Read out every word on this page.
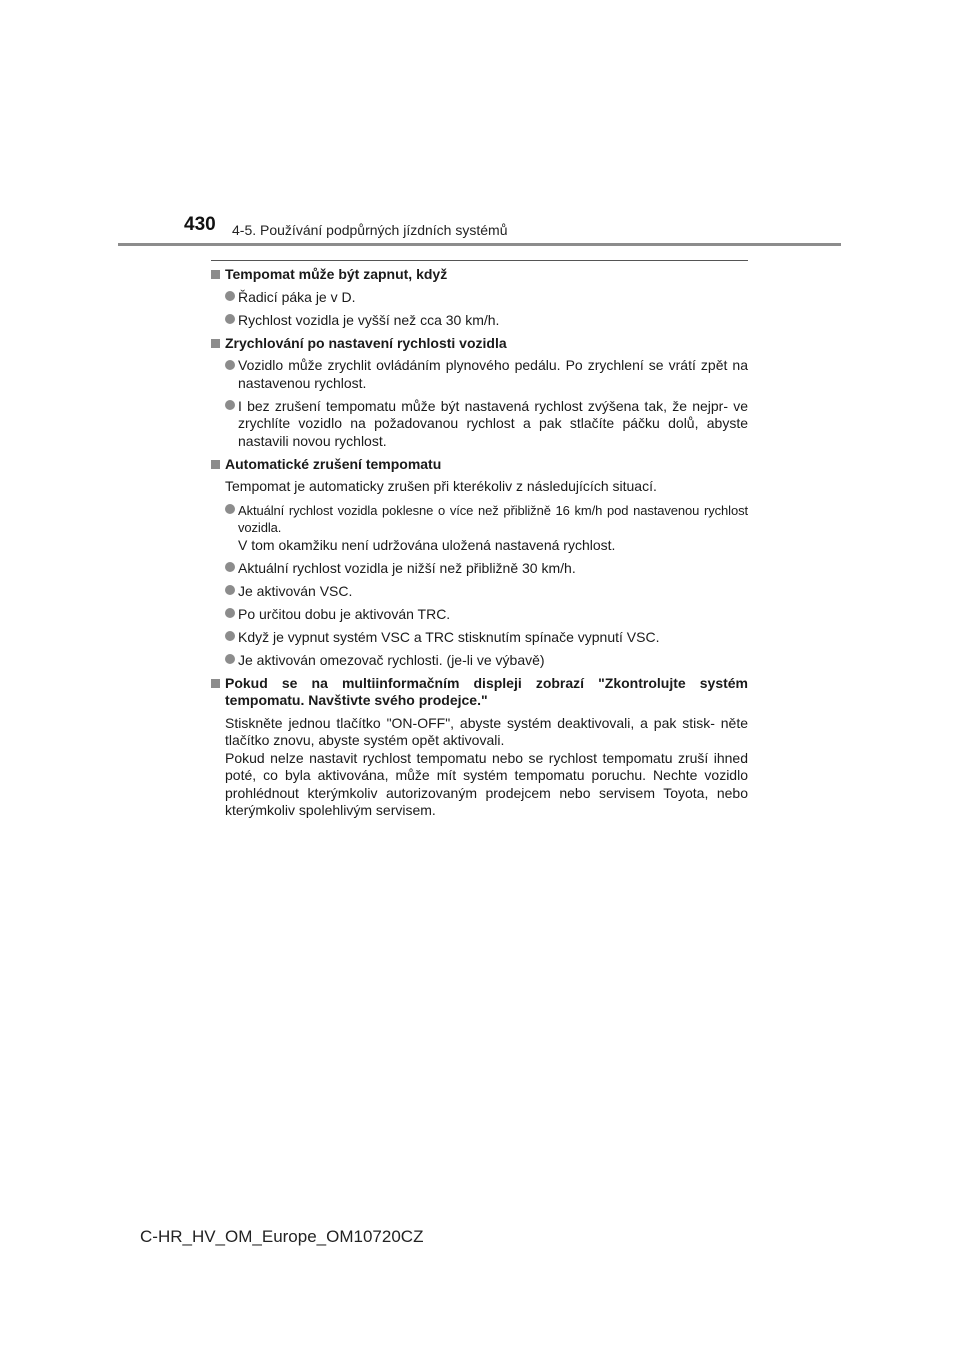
430 4-5. Používání podpůrných jízdních systémů
Tempomat může být zapnut, když
Řadicí páka je v D.
Rychlost vozidla je vyšší než cca 30 km/h.
Zrychlování po nastavení rychlosti vozidla
Vozidlo může zrychlit ovládáním plynového pedálu. Po zrychlení se vrátí zpět na nastavenou rychlost.
I bez zrušení tempomatu může být nastavená rychlost zvýšena tak, že nejpr- ve zrychlíte vozidlo na požadovanou rychlost a pak stlačíte páčku dolů, abyste nastavili novou rychlost.
Automatické zrušení tempomatu
Tempomat je automaticky zrušen při kterékoliv z následujících situací.
Aktuální rychlost vozidla poklesne o více než přibližně 16 km/h pod nastavenou rychlost vozidla.
V tom okamžiku není udržována uložená nastavená rychlost.
Aktuální rychlost vozidla je nižší než přibližně 30 km/h.
Je aktivován VSC.
Po určitou dobu je aktivován TRC.
Když je vypnut systém VSC a TRC stisknutím spínače vypnutí VSC.
Je aktivován omezovač rychlosti. (je-li ve výbavě)
Pokud se na multiinformačním displeji zobrazí "Zkontrolujte systém tempomatu. Navštivte svého prodejce."
Stiskněte jednou tlačítko "ON-OFF", abyste systém deaktivovali, a pak stisk- něte tlačítko znovu, abyste systém opět aktivovali.
Pokud nelze nastavit rychlost tempomatu nebo se rychlost tempomatu zruší ihned poté, co byla aktivována, může mít systém tempomatu poruchu. Nechte vozidlo prohlédnout kterýmkoliv autorizovaným prodejcem nebo servisem Toyota, nebo kterýmkoliv spolehlivým servisem.
C-HR_HV_OM_Europe_OM10720CZ
